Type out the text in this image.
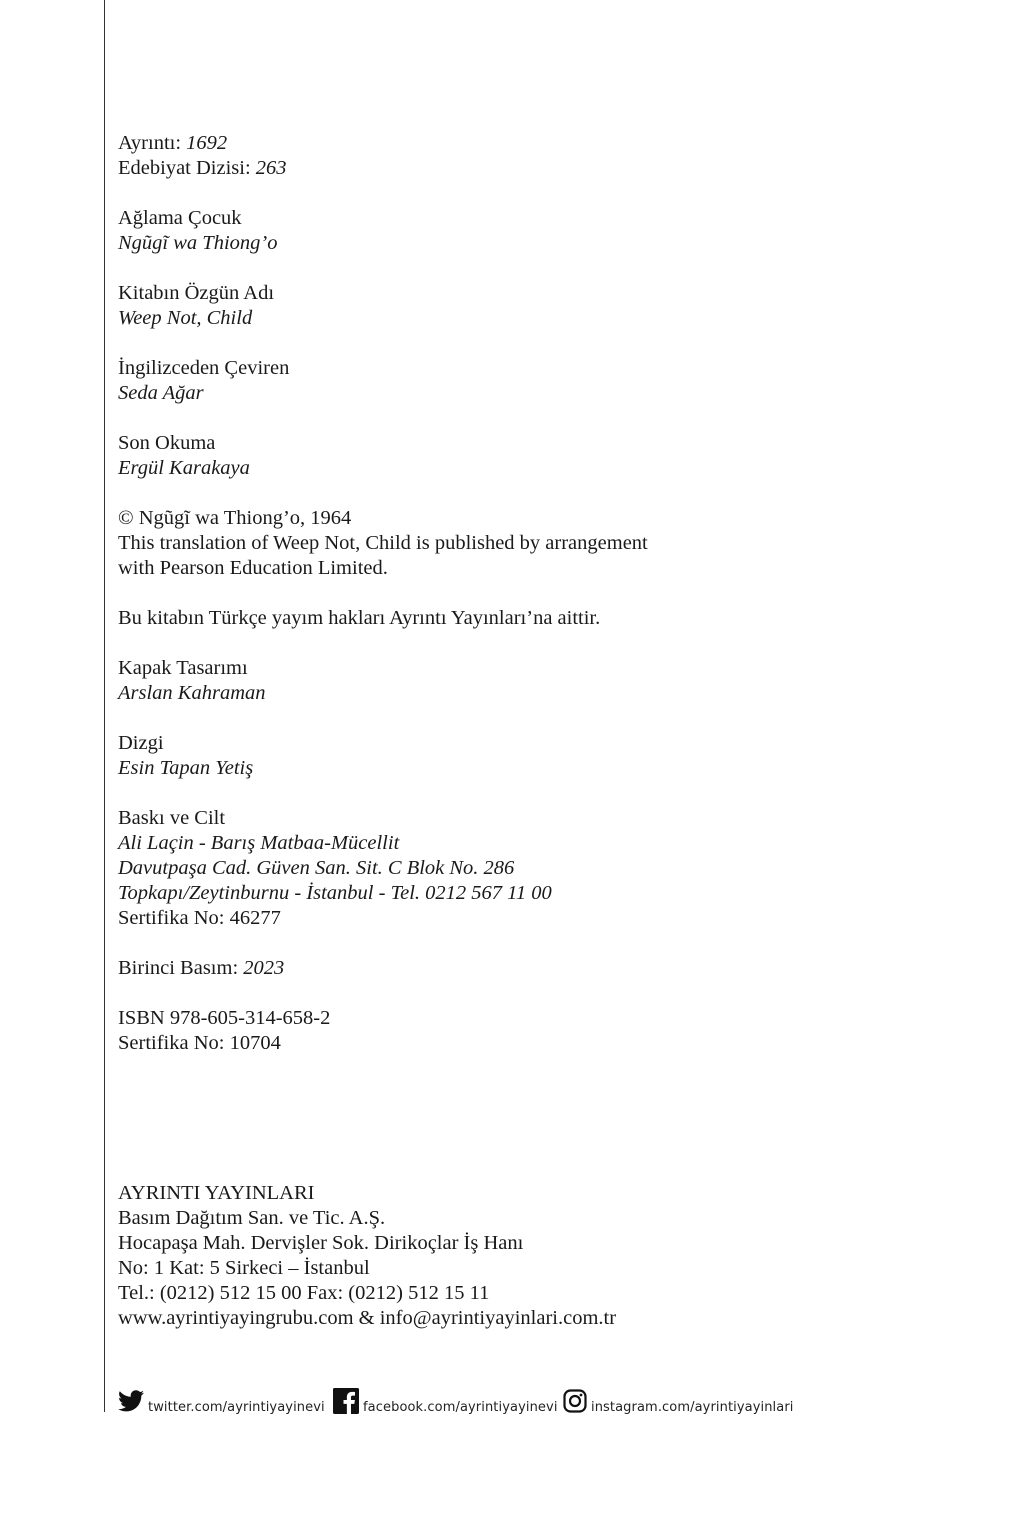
Ayrıntı: 1692
Edebiyat Dizisi: 263
Ağlama Çocuk
Ngũgĩ wa Thiong’o
Kitabın Özgün Adı
Weep Not, Child
İngilizceden Çeviren
Seda Ağar
Son Okuma
Ergül Karakaya
© Ngũgĩ wa Thiong’o, 1964
This translation of Weep Not, Child is published by arrangement
with Pearson Education Limited.
Bu kitabın Türkçe yayım hakları Ayrıntı Yayınları’na aittir.
Kapak Tasarımı
Arslan Kahraman
Dizgi
Esin Tapan Yetiş
Baskı ve Cilt
Ali Laçin - Barış Matbaa-Mücellit
Davutpaşa Cad. Güven San. Sit. C Blok No. 286
Topkapı/Zeytinburnu - İstanbul - Tel. 0212 567 11 00
Sertifika No: 46277
Birinci Basım: 2023
ISBN 978-605-314-658-2
Sertifika No: 10704
AYRINTI YAYINLARI
Basım Dağıtım San. ve Tic. A.Ş.
Hocapaşa Mah. Dervişler Sok. Dirikoçlar İş Hanı
No: 1 Kat: 5 Sirkeci – İstanbul
Tel.: (0212) 512 15 00 Fax: (0212) 512 15 11
www.ayrintiyayingrubu.com & info@ayrintiyayinlari.com.tr
twitter.com/ayrintiyayinevi	facebook.com/ayrintiyayinevi	instagram.com/ayrintiyayinlari
